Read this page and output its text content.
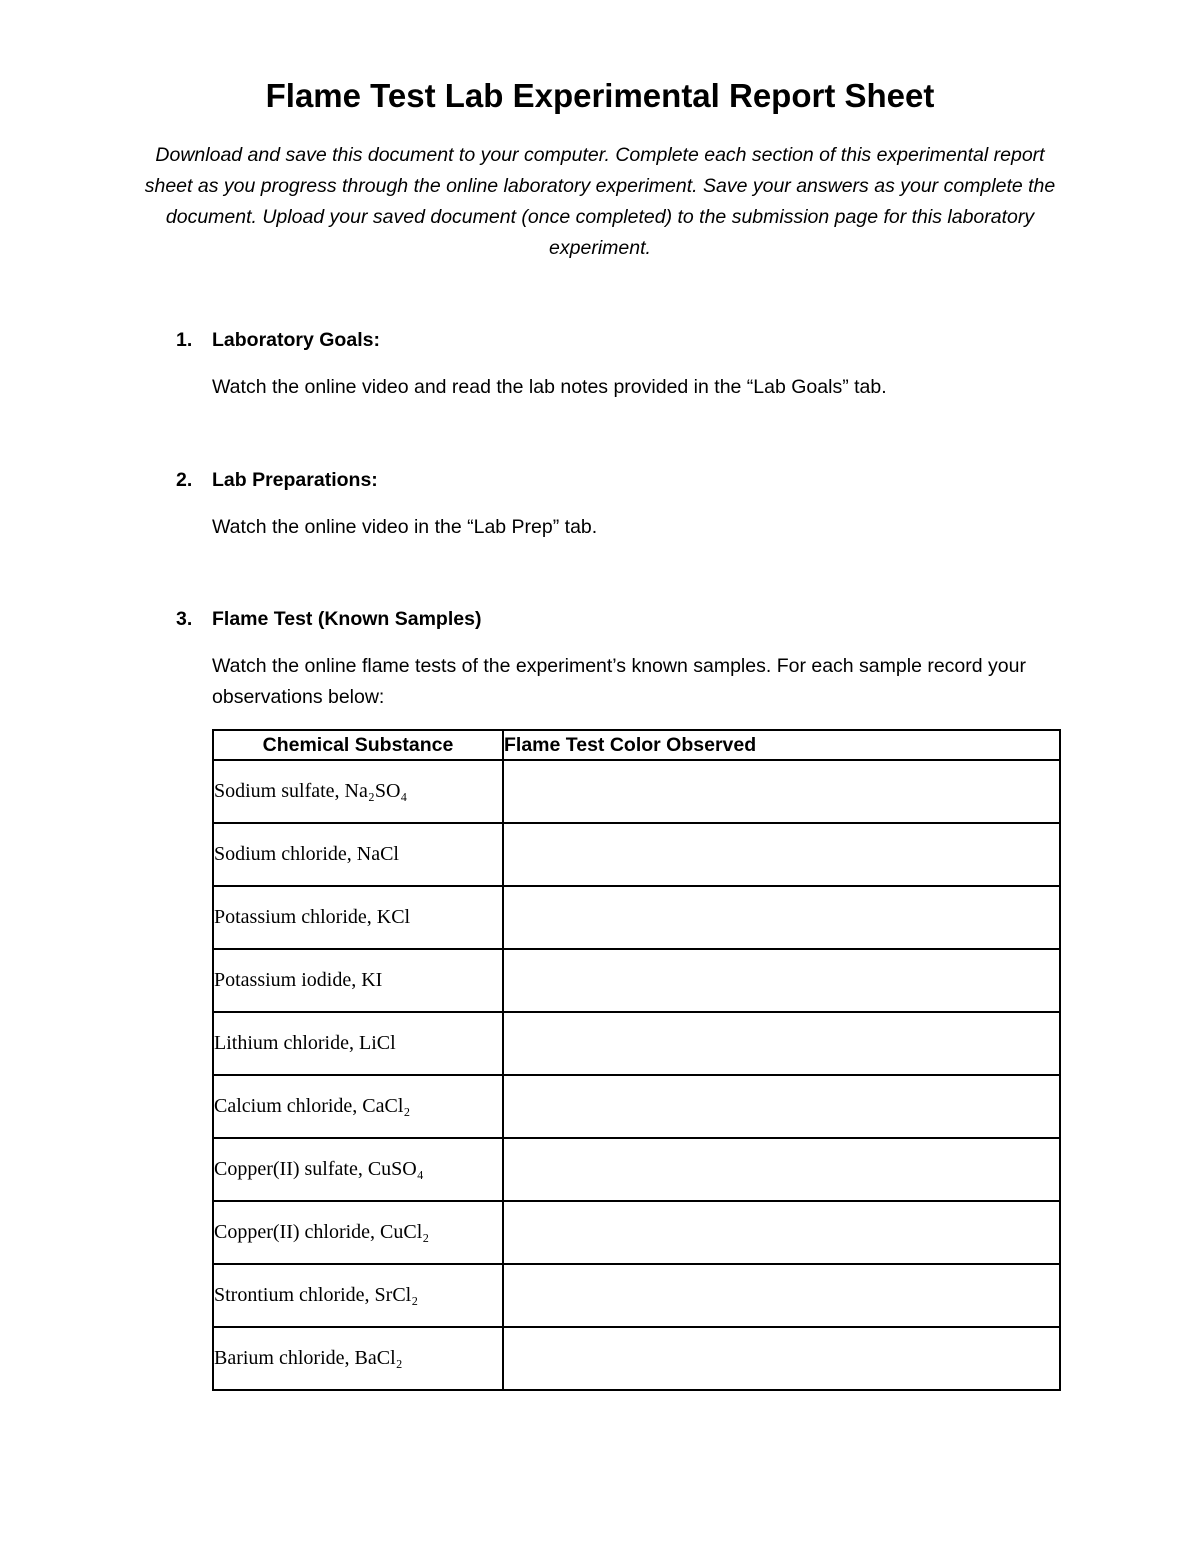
Flame Test Lab Experimental Report Sheet
Download and save this document to your computer. Complete each section of this experimental report sheet as you progress through the online laboratory experiment. Save your answers as your complete the document. Upload your saved document (once completed) to the submission page for this laboratory experiment.
1. Laboratory Goals:
Watch the online video and read the lab notes provided in the “Lab Goals” tab.
2. Lab Preparations:
Watch the online video in the “Lab Prep” tab.
3. Flame Test (Known Samples)
Watch the online flame tests of the experiment’s known samples. For each sample record your observations below:
Chemical Substance	Flame Test Color Observed
Sodium sulfate, Na₂SO₄	
Sodium chloride, NaCl	
Potassium chloride, KCl	
Potassium iodide, KI	
Lithium chloride, LiCl	
Calcium chloride, CaCl₂	
Copper(II) sulfate, CuSO₄	
Copper(II) chloride, CuCl₂	
Strontium chloride, SrCl₂	
Barium chloride, BaCl₂	
